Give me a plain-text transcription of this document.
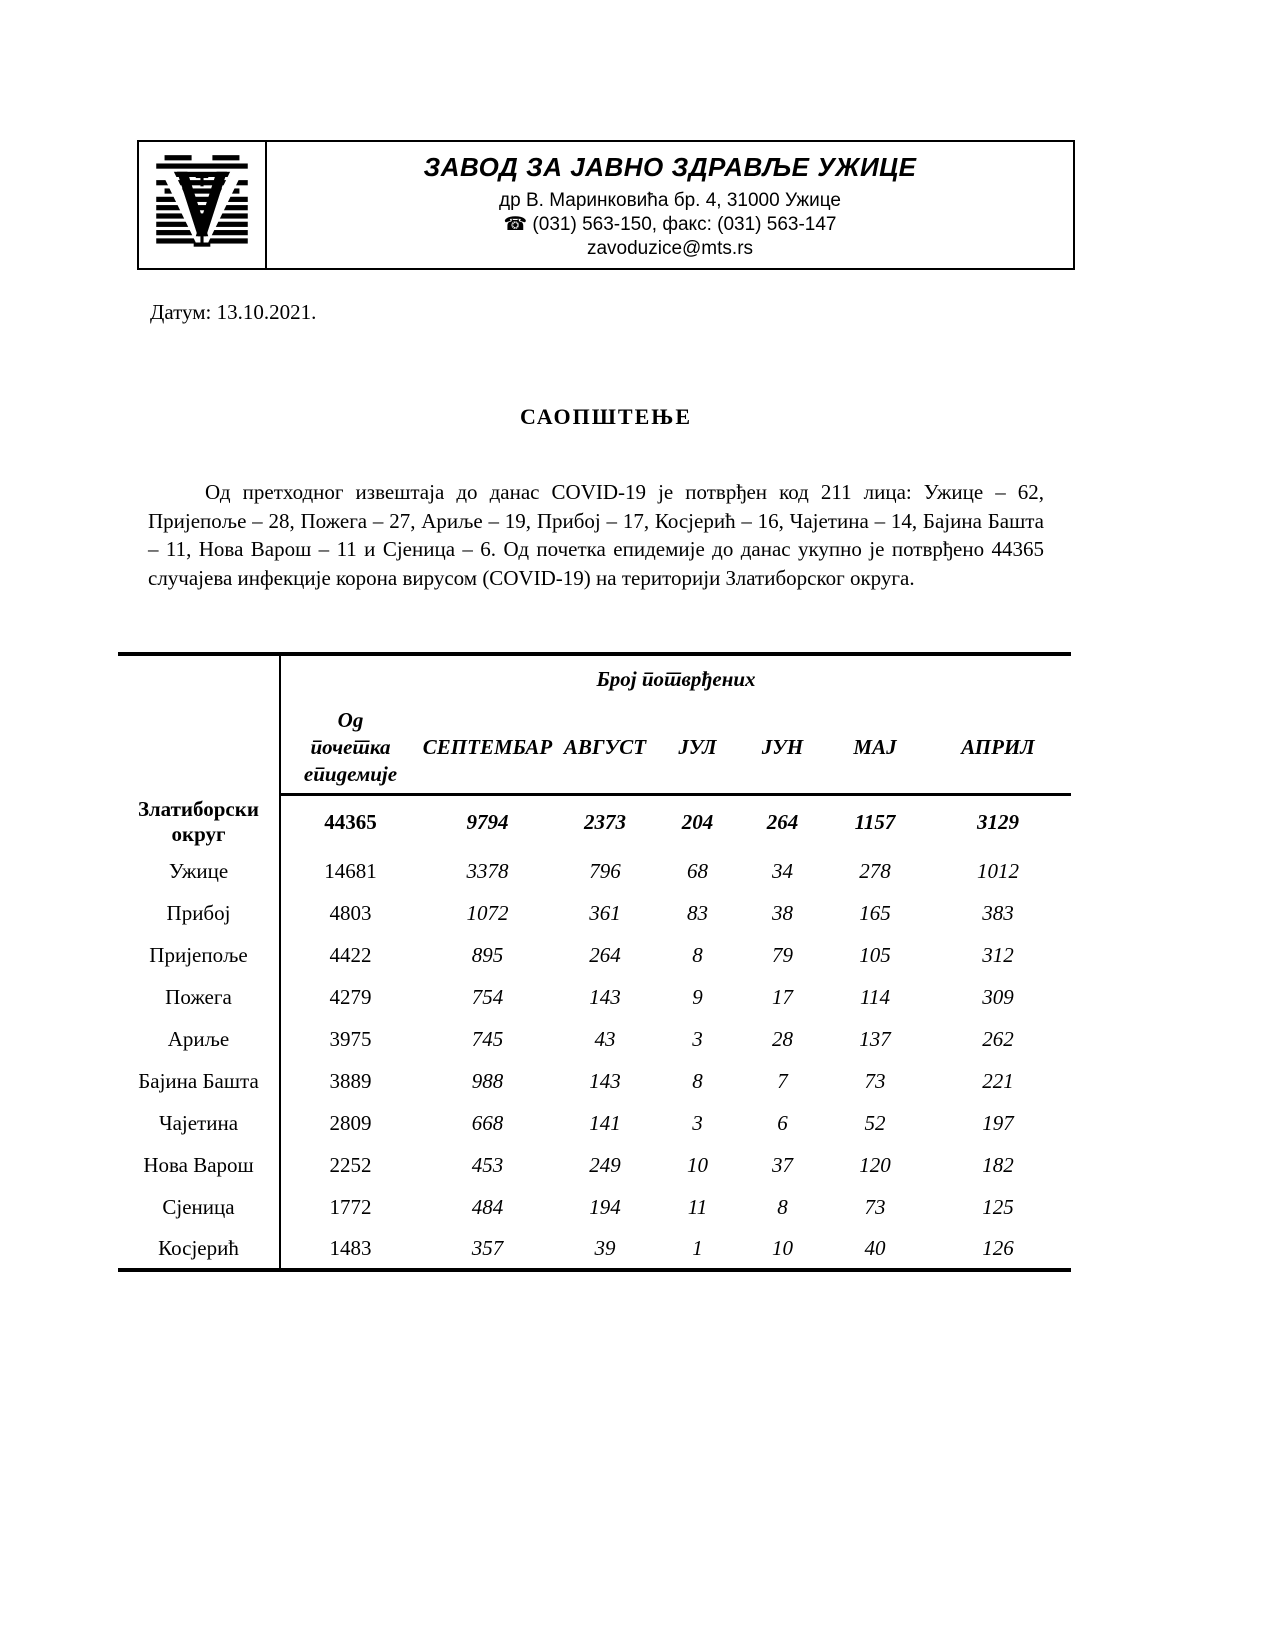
ЗАВОД ЗА ЈАВНО ЗДРАВЉЕ УЖИЦЕ
др В. Маринковића бр. 4, 31000 Ужице
☎ (031) 563-150, факс: (031) 563-147
zavoduzice@mts.rs
Датум: 13.10.2021.
САОПШТЕЊЕ

Од претходног извештаја до данас COVID-19 је потврђен код 211 лица: Ужице – 62, Пријепоље – 28, Пожега – 27, Ариље – 19, Прибој – 17, Косјерић – 16, Чајетина – 14, Бајина Башта – 11, Нова Варош – 11 и Сјеница – 6. Од почетка епидемије до данас укупно је потврђено 44365 случајева инфекције корона вирусом (COVID-19) на територији Златиборског округа.

	Број потврђених						
	Од почетка епидемије	СЕПТЕМБАР	АВГУСТ	ЈУЛ	ЈУН	МАЈ	АПРИЛ
Златиборски округ	44365	9794	2373	204	264	1157	3129
Ужице	14681	3378	796	68	34	278	1012
Прибој	4803	1072	361	83	38	165	383
Пријепоље	4422	895	264	8	79	105	312
Пожега	4279	754	143	9	17	114	309
Ариље	3975	745	43	3	28	137	262
Бајина Башта	3889	988	143	8	7	73	221
Чајетина	2809	668	141	3	6	52	197
Нова Варош	2252	453	249	10	37	120	182
Сјеница	1772	484	194	11	8	73	125
Косјерић	1483	357	39	1	10	40	126
